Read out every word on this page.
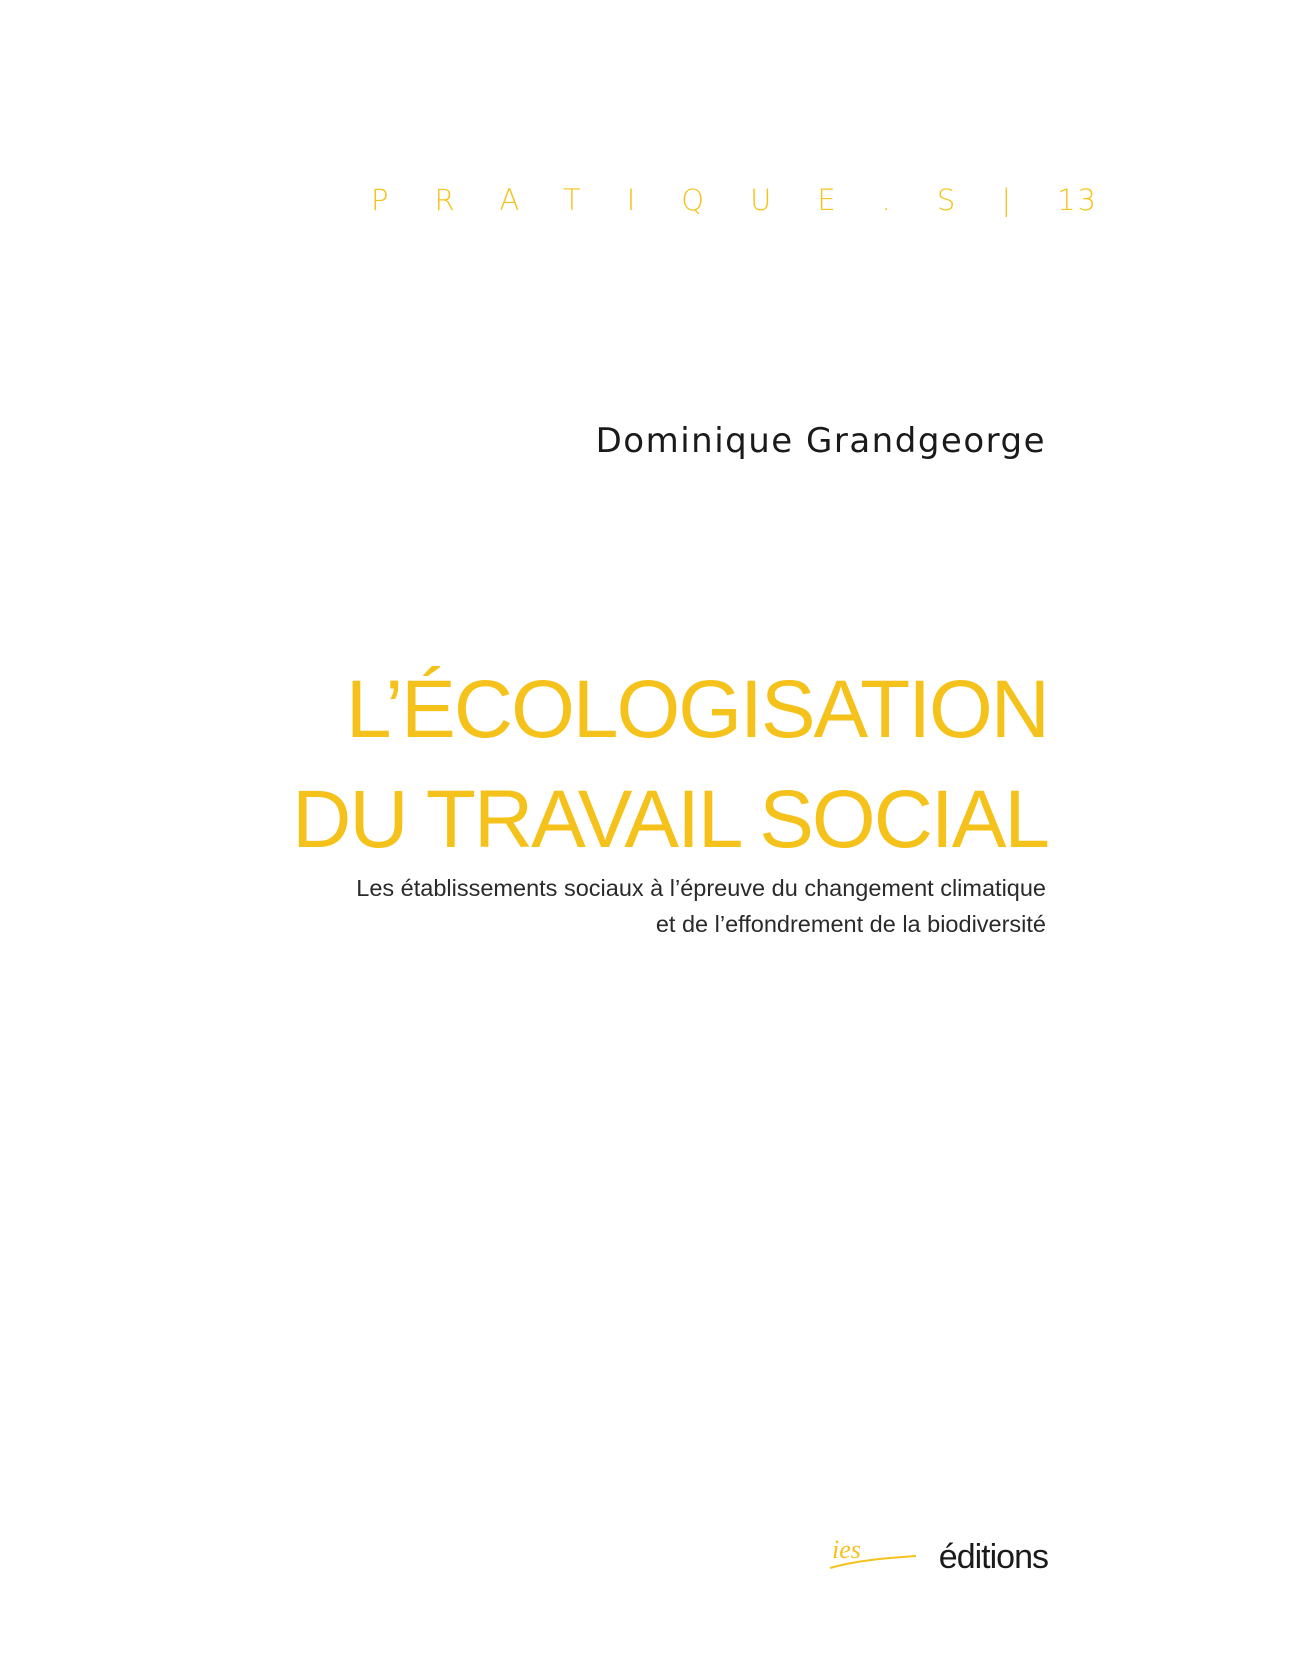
PRATIQUE.S|13
Dominique Grandgeorge
L’ÉCOLOGISATION
DU TRAVAIL SOCIAL
Les établissements sociaux à l’épreuve du changement climatique
et de l’effondrement de la biodiversité
ies éditions
